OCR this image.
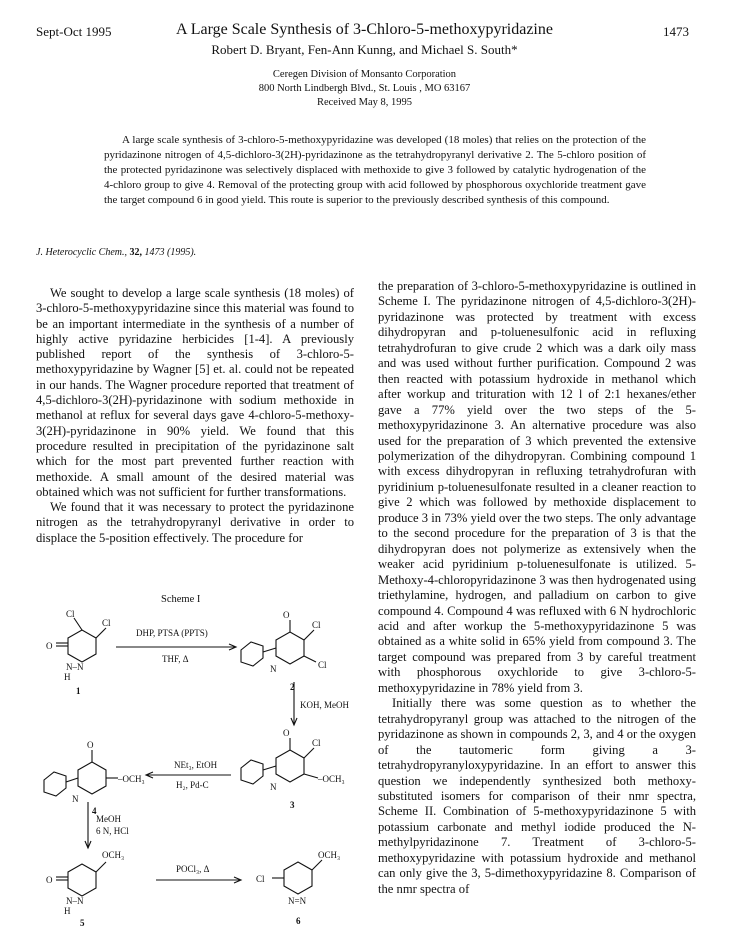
Sept-Oct 1995	A Large Scale Synthesis of 3-Chloro-5-methoxypyridazine	1473
Robert D. Bryant, Fen-Ann Kunng, and Michael S. South*
Ceregen Division of Monsanto Corporation
800 North Lindbergh Blvd., St. Louis , MO 63167
Received May 8, 1995

A large scale synthesis of 3-chloro-5-methoxypyridazine was developed (18 moles) that relies on the protection of the pyridazinone nitrogen of 4,5-dichloro-3(2H)-pyridazinone as the tetrahydropyranyl derivative 2. The 5-chloro position of the protected pyridazinone was selectively displaced with methoxide to give 3 followed by catalytic hydrogenation of the 4-chloro group to give 4. Removal of the protecting group with acid followed by phosphorous oxychloride treatment gave the target compound 6 in good yield. This route is superior to the previously described synthesis of this compound.

J. Heterocyclic Chem., 32, 1473 (1995).

We sought to develop a large scale synthesis (18 moles) of 3-chloro-5-methoxypyridazine since this material was found to be an important intermediate in the synthesis of a number of highly active pyridazine herbicides [1-4]. A previously published report of the synthesis of 3-chloro-5-methoxypyridazine by Wagner [5] et. al. could not be repeated in our hands. The Wagner procedure reported that treatment of 4,5-dichloro-3(2H)-pyridazinone with sodium methoxide in methanol at reflux for several days gave 4-chloro-5-methoxy-3(2H)-pyridazinone in 90% yield. We found that this procedure resulted in precipitation of the pyridazinone salt which for the most part prevented further reaction with methoxide. A small amount of the desired material was obtained which was not sufficient for further transformations.

We found that it was necessary to protect the pyridazinone nitrogen as the tetrahydropyranyl derivative in order to displace the 5-position effectively. The procedure for

the preparation of 3-chloro-5-methoxypyridazine is outlined in Scheme I. The pyridazinone nitrogen of 4,5-dichloro-3(2H)-pyridazinone was protected by treatment with excess dihydropyran and p-toluenesulfonic acid in refluxing tetrahydrofuran to give crude 2 which was a dark oily mass and was used without further purification. Compound 2 was then reacted with potassium hydroxide in methanol which after workup and trituration with 12 l of 2:1 hexanes/ether gave a 77% yield over the two steps of the 5-methoxypyridazinone 3. An alternative procedure was also used for the preparation of 3 which prevented the extensive polymerization of the dihydropyran. Combining compound 1 with excess dihydropyran in refluxing tetrahydrofuran with pyridinium p-toluenesulfonate resulted in a cleaner reaction to give 2 which was followed by methoxide displacement to produce 3 in 73% yield over the two steps. The only advantage to the second procedure for the preparation of 3 is that the dihydropyran does not polymerize as extensively when the weaker acid pyridinium p-toluenesulfonate is utilized. 5-Methoxy-4-chloropyridazinone 3 was then hydrogenated using triethylamine, hydrogen, and palladium on carbon to give compound 4. Compound 4 was refluxed with 6 N hydrochloric acid and after workup the 5-methoxypyridazinone 5 was obtained as a white solid in 65% yield from compound 3. The target compound was prepared from 3 by careful treatment with phosphorous oxychloride to give 3-chloro-5-methoxypyridazine in 78% yield from 3.

Initially there was some question as to whether the tetrahydropyranyl group was attached to the nitrogen of the pyridazinone as shown in compounds 2, 3, and 4 or the oxygen of the tautomeric form giving a 3-tetrahydropyranyloxypyridazine. In an effort to answer this question we independently synthesized both methoxy-substituted isomers for comparison of their nmr spectra, Scheme II. Combination of 5-methoxypyridazinone 5 with potassium carbonate and methyl iodide produced the N-methylpyridazinone 7. Treatment of 3-chloro-5-methoxypyridazine with potassium hydroxide and methanol can only give the 3, 5-dimethoxypyridazine 8. Comparison of the nmr spectra of

Scheme I
Cl
Cl
O
N–N
H
1
DHP, PTSA (PPTS)
THF, Δ
O
Cl
Cl
N
2
KOH, MeOH
O
Cl
–OCH₃
N
3
NEt₃, EtOH
H₂, Pd-C
O
–OCH₃
N
4
MeOH
6 N, HCl
OCH₃
O
N–N
H
5
POCl₃, Δ
OCH₃
Cl
N=N
6
